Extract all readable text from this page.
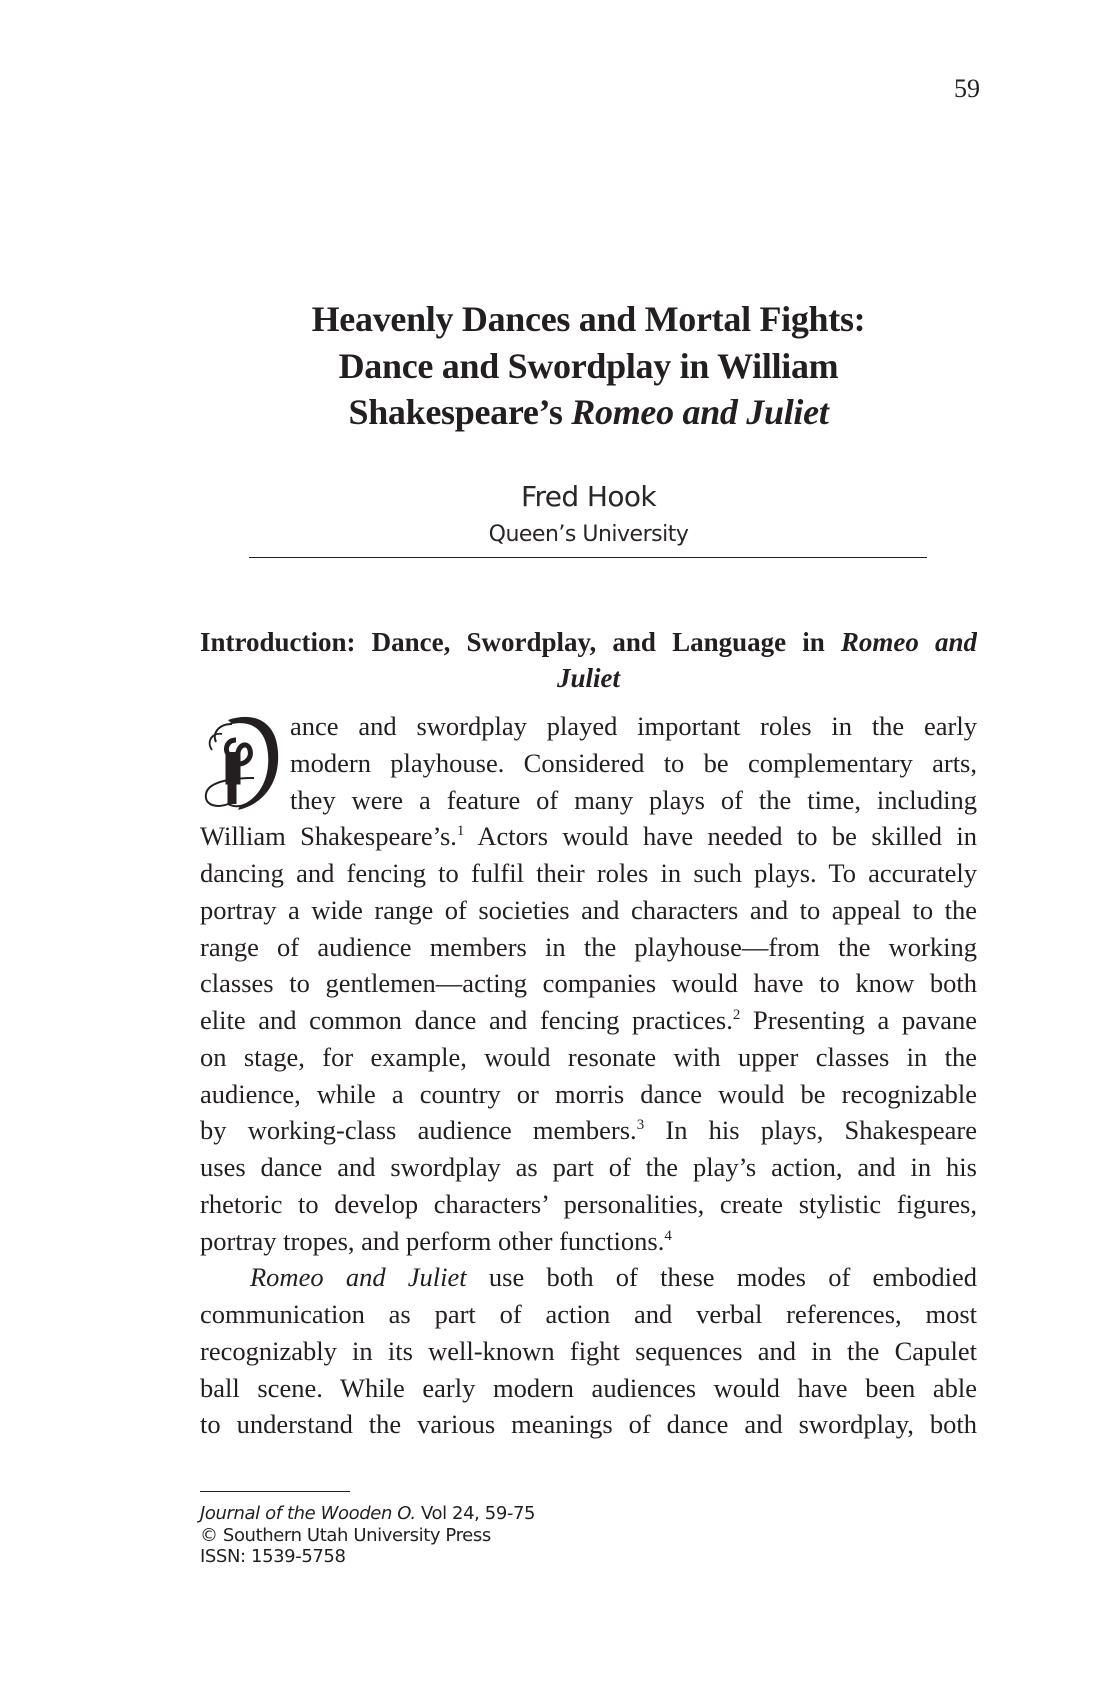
59
Heavenly Dances and Mortal Fights:
Dance and Swordplay in William
Shakespeare’s Romeo and Juliet
Fred Hook
Queen’s University
Introduction: Dance, Swordplay, and Language in Romeo and
Juliet
ance and swordplay played important roles in the early
modern playhouse. Considered to be complementary arts,
they were a feature of many plays of the time, including
William Shakespeare’s.$^1$ Actors would have needed to be skilled in
dancing and fencing to fulfil their roles in such plays. To accurately
portray a wide range of societies and characters and to appeal to the
range of audience members in the playhouse—from the working
classes to gentlemen—acting companies would have to know both
elite and common dance and fencing practices.$^2$ Presenting a pavane
on stage, for example, would resonate with upper classes in the
audience, while a country or morris dance would be recognizable
by working-class audience members.$^3$ In his plays, Shakespeare
uses dance and swordplay as part of the play’s action, and in his
rhetoric to develop characters’ personalities, create stylistic figures,
portray tropes, and perform other functions.$^4$
Romeo and Juliet use both of these modes of embodied
communication as part of action and verbal references, most
recognizably in its well-known fight sequences and in the Capulet
ball scene. While early modern audiences would have been able
to understand the various meanings of dance and swordplay, both
Journal of the Wooden O. Vol 24, 59-75
© Southern Utah University Press
ISSN: 1539-5758
